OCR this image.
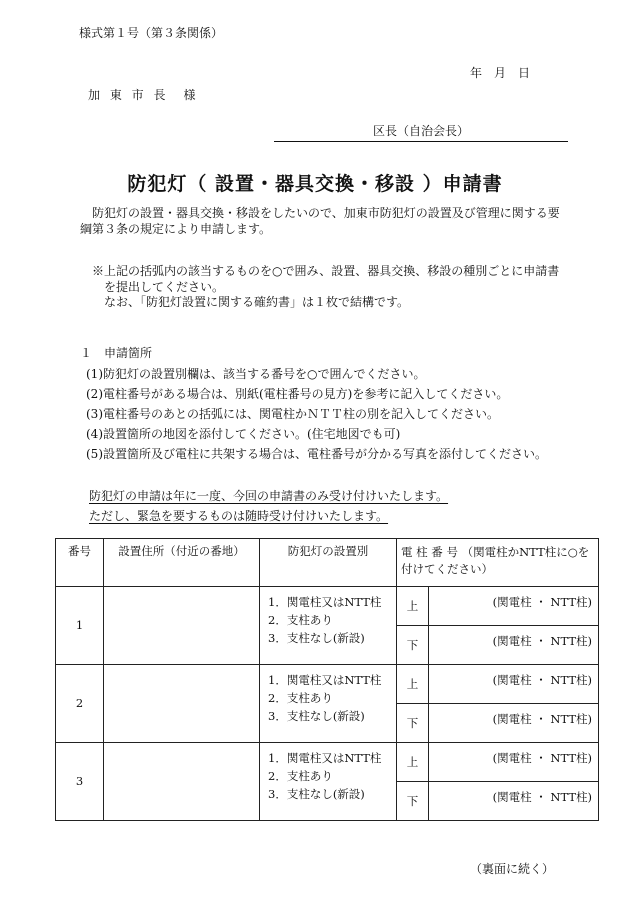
様式第１号（第３条関係）
年　月　日
加 東 市 長　様
区長（自治会長）
防犯灯（ 設置・器具交換・移設 ）申請書
防犯灯の設置・器具交換・移設をしたいので、加東市防犯灯の設置及び管理に関する要
綱第３条の規定により申請します。
※上記の括弧内の該当するものを○で囲み、設置、器具交換、移設の種別ごとに申請書
を提出してください。
なお、「防犯灯設置に関する確約書」は１枚で結構です。
１　申請箇所
(1)防犯灯の設置別欄は、該当する番号を○で囲んでください。
(2)電柱番号がある場合は、別紙(電柱番号の見方)を参考に記入してください。
(3)電柱番号のあとの括弧には、関電柱かＮＴＴ柱の別を記入してください。
(4)設置箇所の地図を添付してください。(住宅地図でも可)
(5)設置箇所及び電柱に共架する場合は、電柱番号が分かる写真を添付してください。
防犯灯の申請は年に一度、今回の申請書のみ受け付けいたします。
ただし、緊急を要するものは随時受け付けいたします。
番号	設置住所（付近の番地）	防犯灯の設置別	電 柱 番 号 （関電柱かNTT柱に○を付けてください）	
1		1．関電柱又はNTT柱
2．支柱あり
3．支柱なし(新設)	上	(関電柱 ・ NTT柱)
			下	(関電柱 ・ NTT柱)
2		1．関電柱又はNTT柱
2．支柱あり
3．支柱なし(新設)	上	(関電柱 ・ NTT柱)
			下	(関電柱 ・ NTT柱)
3		1．関電柱又はNTT柱
2．支柱あり
3．支柱なし(新設)	上	(関電柱 ・ NTT柱)
			下	(関電柱 ・ NTT柱)
（裏面に続く）
